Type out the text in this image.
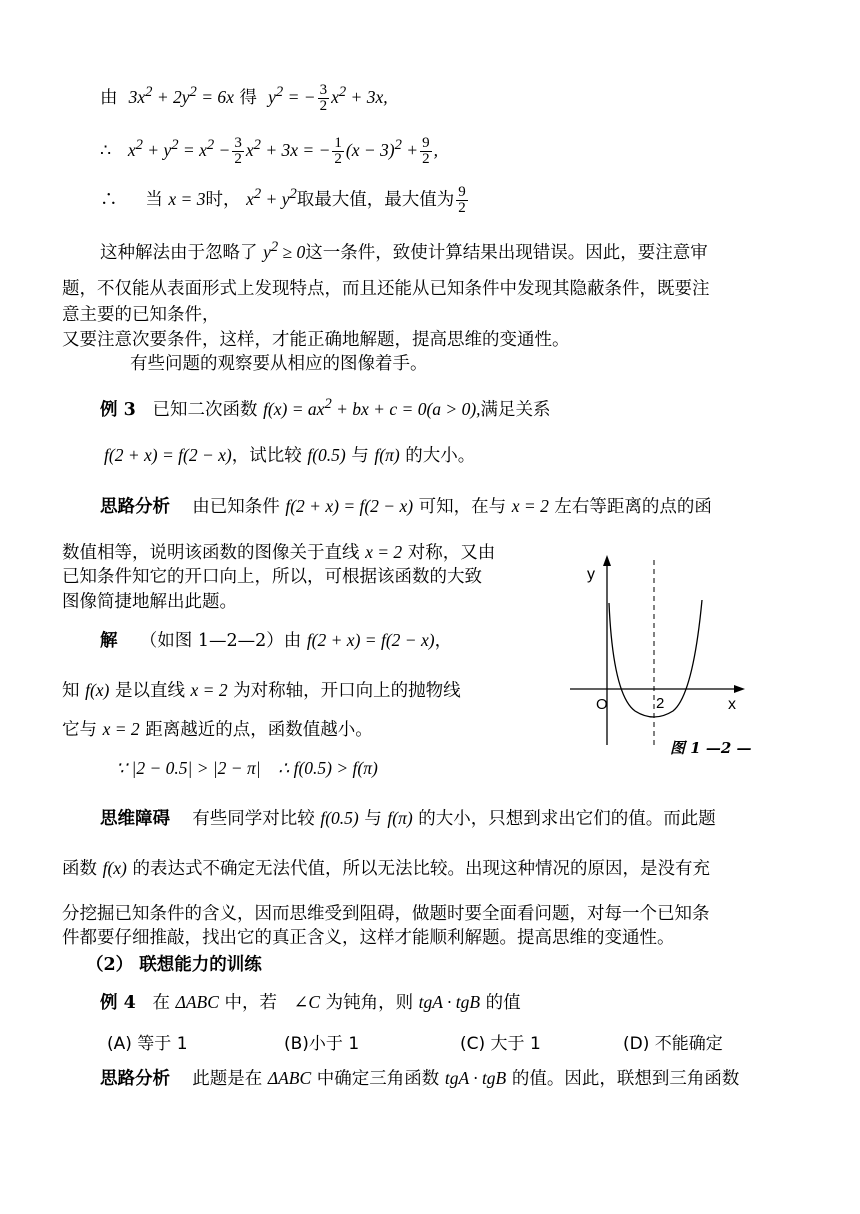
由 $3x^2 + 2y^2 = 6x$ 得 $y^2$ = − $\frac{3}{2} x^2 + 3x$,
∴ $x^2 + y^2 = x^2 - \frac{3}{2} x^2 + 3x$ = − $\frac{1}{2} (x - 3)^2 + \frac{9}{2}$ ,
∴ 当 x = 3时， $x^2 + y^2$取最大值，最大值为 $\frac{9}{2}$
这种解法由于忽略了 $y^2 \ge 0$这一条件，致使计算结果出现错误。因此，要注意审
题，不仅能从表面形式上发现特点，而且还能从已知条件中发现其隐蔽条件，既要注
意主要的已知条件，
又要注意次要条件，这样，才能正确地解题，提高思维的变通性。
有些问题的观察要从相应的图像着手。
例 3 已知二次函数 $f(x) = ax^2$ + bx + c = 0(a > 0),满足关系
f(2 + x) = f(2 − x)，试比较 f(0.5) 与 f(π) 的大小。
思路分析 由已知条件 f(2 + x) = f(2 − x) 可知，在与 x = 2 左右等距离的点的函
数值相等，说明该函数的图像关于直线 x = 2 对称，又由
已知条件知它的开口向上，所以，可根据该函数的大致
图像简捷地解出此题。
解 （如图 1—2—2）由 f(2 + x) = f(2 − x)，
知 f(x) 是以直线 x = 2 为对称轴，开口向上的抛物线
它与 x = 2 距离越近的点，函数值越小。
∵ |2 − 0.5| > |2 − π|    ∴ f(0.5) > f(π)
y
x
O	2
图 1 —2 —
思维障碍 有些同学对比较 f(0.5) 与 f(π) 的大小，只想到求出它们的值。而此题
函数 f(x) 的表达式不确定无法代值，所以无法比较。出现这种情况的原因，是没有充
分挖掘已知条件的含义，因而思维受到阻碍，做题时要全面看问题，对每一个已知条
件都要仔细推敲，找出它的真正含义，这样才能顺利解题。提高思维的变通性。
（2） 联想能力的训练
例 4 在 ΔABC 中，若 ∠C 为钝角，则 tgA · tgB 的值
(A) 等于 1	(B)小于 1	(C) 大于 1	(D) 不能确定
思路分析 此题是在 ΔABC 中确定三角函数 tgA · tgB 的值。因此，联想到三角函数
